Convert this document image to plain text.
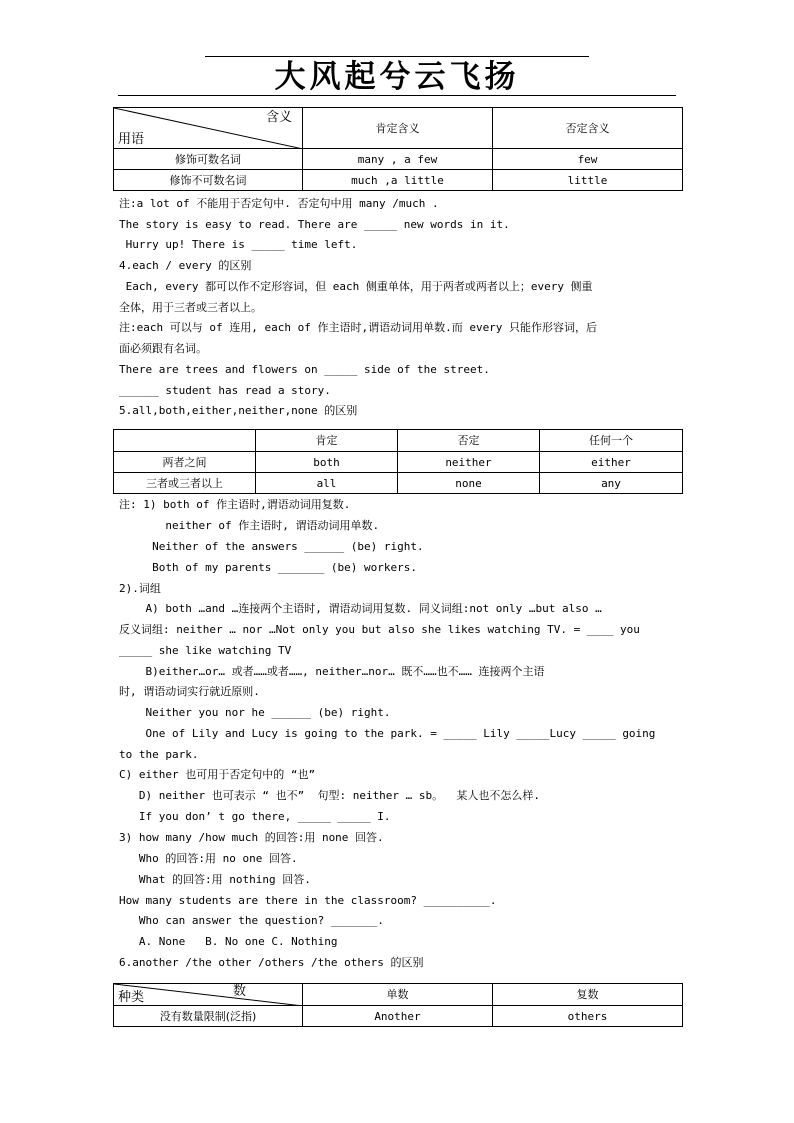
大风起兮云飞扬
含义
用语	肯定含义	否定含义
修饰可数名词	many , a few	few
修饰不可数名词	much ,a little	little
注:a lot of 不能用于否定句中. 否定句中用 many /much .
The story is easy to read. There are _____ new words in it.
Hurry up! There is _____ time left.
4.each / every 的区别
Each, every 都可以作不定形容词，但 each 侧重单体，用于两者或两者以上；every 侧重
全体，用于三者或三者以上。
注:each 可以与 of 连用, each of 作主语时,谓语动词用单数.而 every 只能作形容词，后
面必须跟有名词。
There are trees and flowers on _____ side of the street.
______ student has read a story.
5.all,both,either,neither,none 的区别
	肯定	否定	任何一个
两者之间	both	neither	either
三者或三者以上	all	none	any
注: 1) both of 作主语时,谓语动词用复数.
neither of 作主语时, 谓语动词用单数.
Neither of the answers ______ (be) right.
Both of my parents _______ (be) workers.
2).词组
A) both …and …连接两个主语时, 谓语动词用复数. 同义词组:not only …but also …
反义词组: neither … nor …Not only you but also she likes watching TV. = ____ you
_____ she like watching TV
B)either…or… 或者……或者……, neither…nor… 既不……也不…… 连接两个主语
时, 谓语动词实行就近原则.
Neither you nor he ______ (be) right.
One of Lily and Lucy is going to the park. = _____ Lily _____Lucy _____ going
to the park.
C) either 也可用于否定句中的 “也”
D) neither 也可表示 “ 也不”  句型: neither … sb。  某人也不怎么样.
If you don’ t go there, _____ _____ I.
3) how many /how much 的回答:用 none 回答.
Who 的回答:用 no one 回答.
What 的回答:用 nothing 回答.
How many students are there in the classroom? __________.
Who can answer the question? _______.
A. None   B. No one C. Nothing
6.another /the other /others /the others 的区别
数
种类	单数	复数
没有数量限制(泛指)	Another	others
